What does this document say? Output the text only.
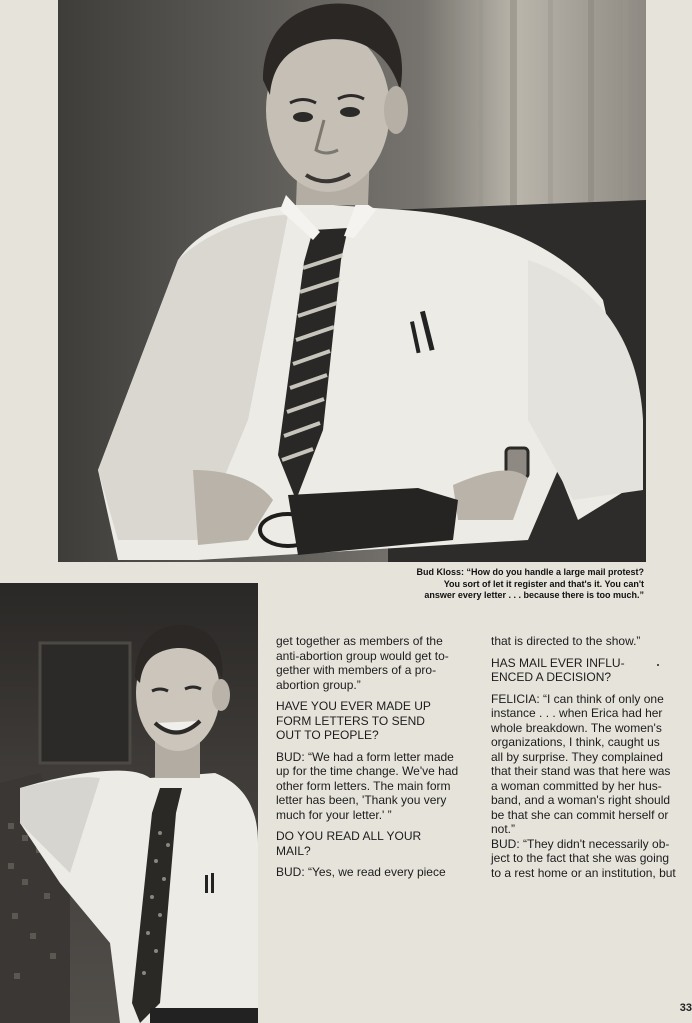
Bud Kloss: “How do you handle a large mail protest?
You sort of let it register and that's it. You can't
answer every letter . . . because there is too much.”

get together as members of the
anti-abortion group would get to-
gether with members of a pro-
abortion group.”

HAVE YOU EVER MADE UP
FORM LETTERS TO SEND
OUT TO PEOPLE?

BUD: “We had a form letter made
up for the time change. We've had
other form letters. The main form
letter has been, 'Thank you very
much for your letter.' ”

DO YOU READ ALL YOUR
MAIL?

BUD: “Yes, we read every piece

that is directed to the show.”

HAS MAIL EVER INFLU-
ENCED A DECISION?

FELICIA: “I can think of only one
instance . . . when Erica had her
whole breakdown. The women's
organizations, I think, caught us
all by surprise. They complained
that their stand was that here was
a woman committed by her hus-
band, and a woman's right should
be that she can commit herself or
not.”

BUD: “They didn't necessarily ob-
ject to the fact that she was going
to a rest home or an institution, but

33
